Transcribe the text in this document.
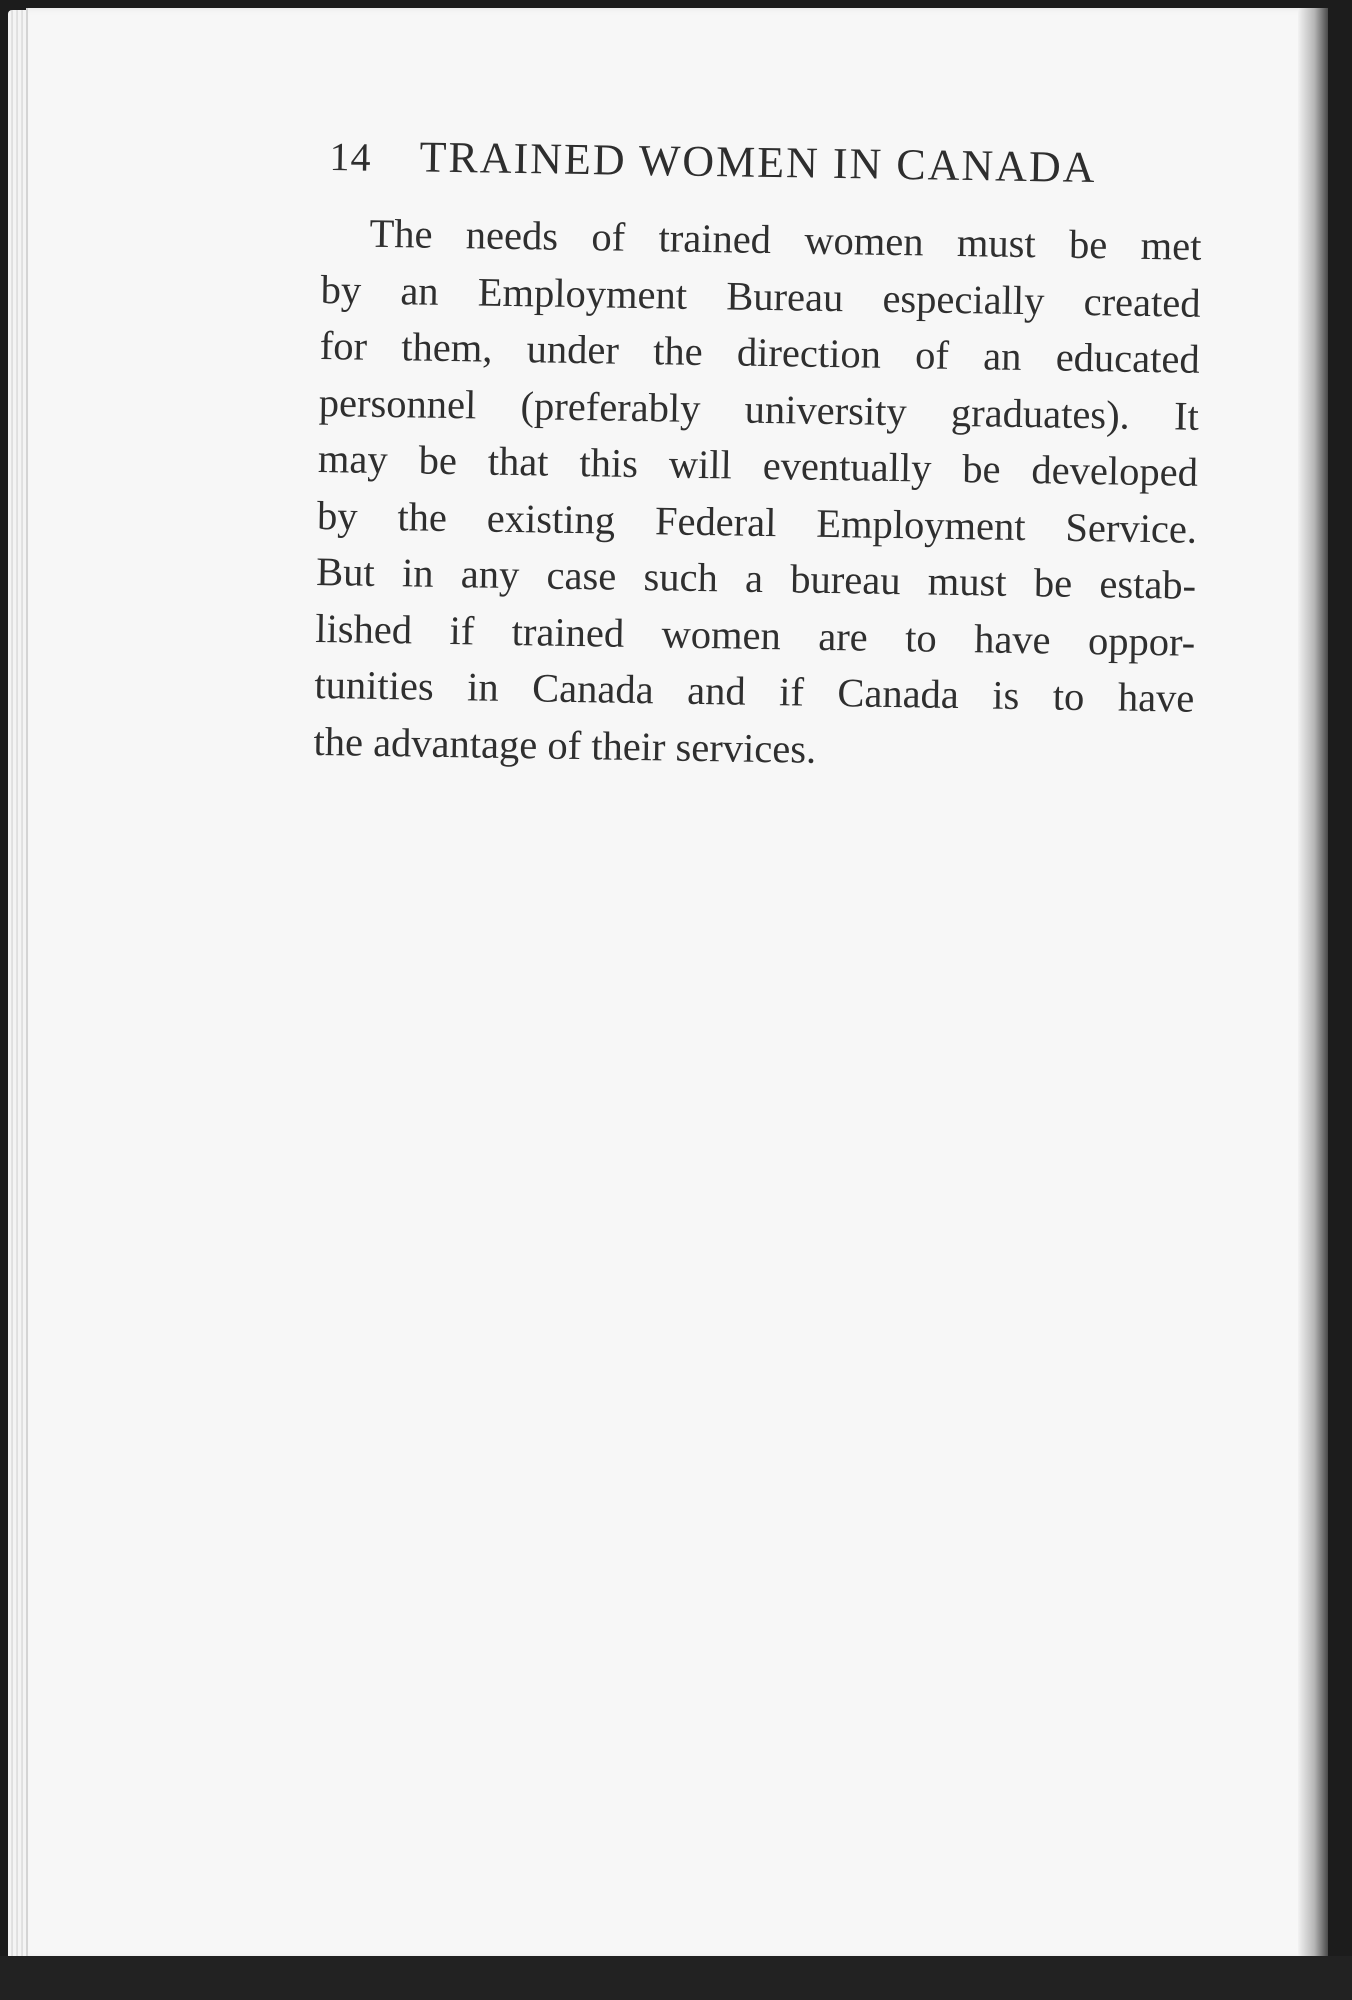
14 TRAINED WOMEN IN CANADA
The needs of trained women must be met
by an Employment Bureau especially created
for them, under the direction of an educated
personnel (preferably university graduates). It
may be that this will eventually be developed
by the existing Federal Employment Service.
But in any case such a bureau must be estab-
lished if trained women are to have oppor-
tunities in Canada and if Canada is to have
the advantage of their services.
